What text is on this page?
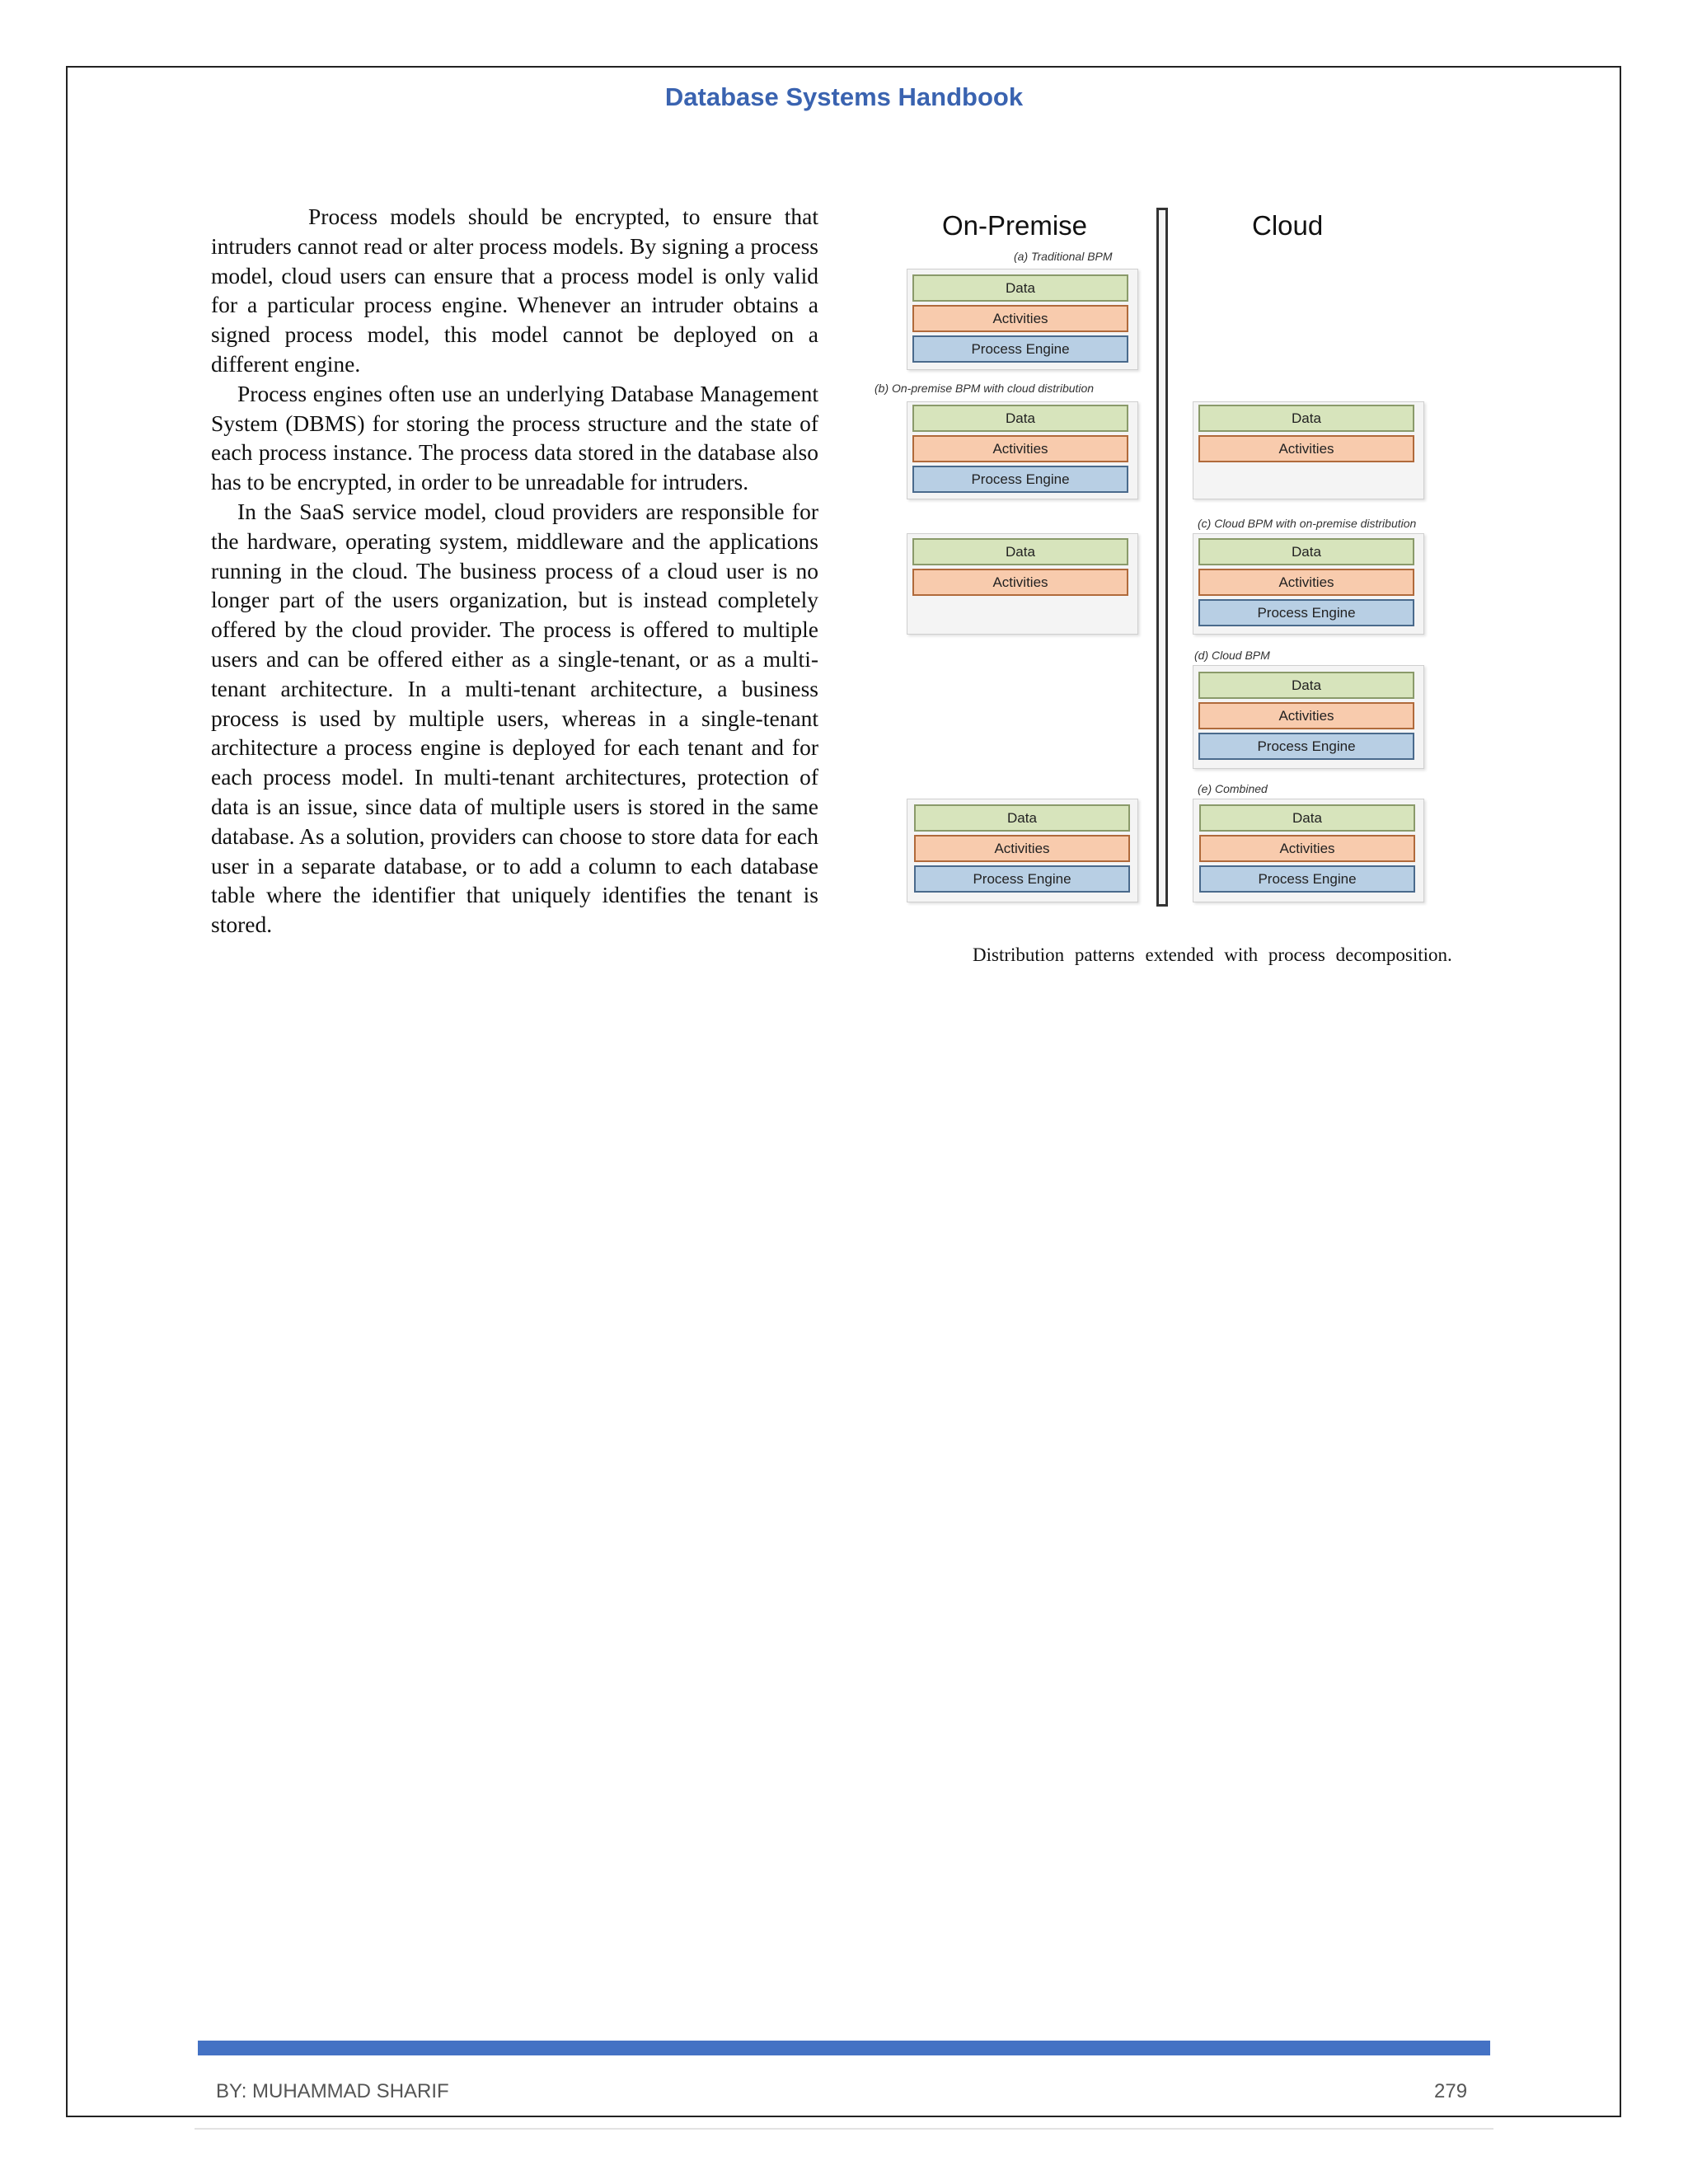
Database Systems Handbook

Process models should be encrypted, to ensure that intruders cannot read or alter process models. By signing a process model, cloud users can ensure that a process model is only valid for a particular process engine. Whenever an intruder obtains a signed process model, this model cannot be deployed on a different engine.

Process engines often use an underlying Database Management System (DBMS) for storing the process structure and the state of each process instance. The process data stored in the database also has to be encrypted, in order to be unreadable for intruders.

In the SaaS service model, cloud providers are responsible for the hardware, operating system, middleware and the applications running in the cloud. The business process of a cloud user is no longer part of the users organization, but is instead completely offered by the cloud provider. The process is offered to multiple users and can be offered either as a single-tenant, or as a multi-tenant architecture. In a multi-tenant architecture, a business process is used by multiple users, whereas in a single-tenant architecture a process engine is deployed for each tenant and for each process model. In multi-tenant architectures, protection of data is an issue, since data of multiple users is stored in the same database. As a solution, providers can choose to store data for each user in a separate database, or to add a column to each database table where the identifier that uniquely identifies the tenant is stored.

On-Premise	Cloud
(a) Traditional BPM
Data
Activities
Process Engine
(b) On-premise BPM with cloud distribution
Data
Activities
Process Engine
Data
Activities
(c) Cloud BPM with on-premise distribution
Data
Activities
Data
Activities
Process Engine
(d) Cloud BPM
Data
Activities
Process Engine
(e) Combined
Data
Activities
Process Engine
Data
Activities
Process Engine
Distribution patterns extended with process decomposition.
BY: MUHAMMAD SHARIF	279
